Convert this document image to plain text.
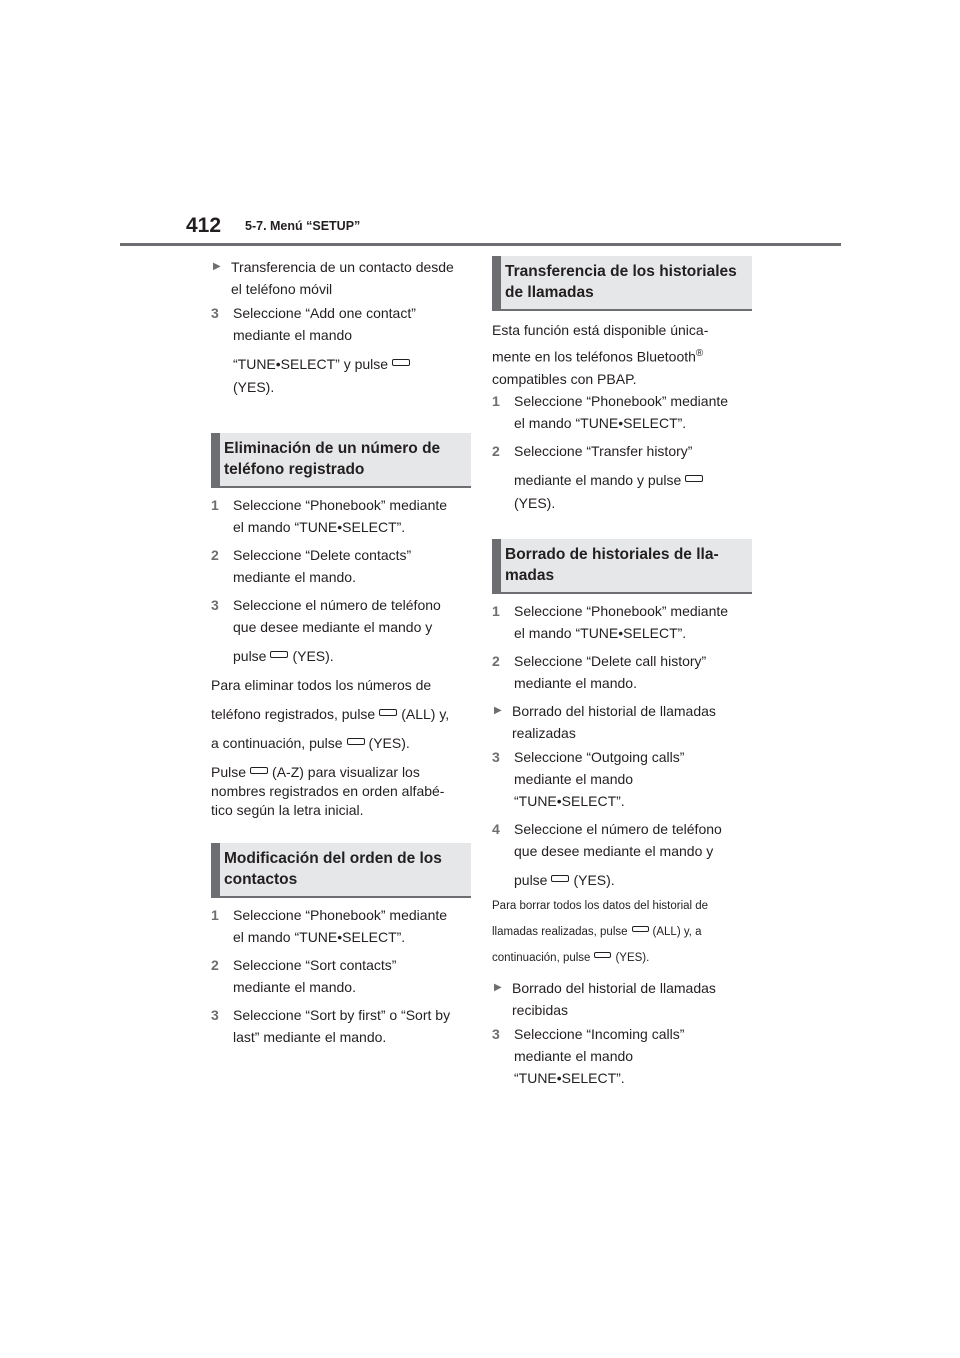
412 5-7. Menú “SETUP”
▶ Transferencia de un contacto desde
el teléfono móvil
3	Seleccione “Add one contact”
mediante el mando
“TUNE•SELECT” y pulse
(YES).
Eliminación de un número de
teléfono registrado
1	Seleccione “Phonebook” mediante
el mando “TUNE•SELECT”.
2	Seleccione “Delete contacts”
mediante el mando.
3	Seleccione el número de teléfono
que desee mediante el mando y
pulse (YES).

Para eliminar todos los números de

teléfono registrados, pulse (ALL) y,

a continuación, pulse (YES).

Pulse (A-Z) para visualizar los
nombres registrados en orden alfabé-
tico según la letra inicial.

Modificación del orden de los
contactos
1	Seleccione “Phonebook” mediante
el mando “TUNE•SELECT”.
2	Seleccione “Sort contacts”
mediante el mando.
3	Seleccione “Sort by first” o “Sort by
last” mediante el mando.
Transferencia de los historiales
de llamadas

Esta función está disponible única-

mente en los teléfonos Bluetooth®
compatibles con PBAP.

1	Seleccione “Phonebook” mediante
el mando “TUNE•SELECT”.
2	Seleccione “Transfer history”
mediante el mando y pulse
(YES).
Borrado de historiales de lla-
madas
1	Seleccione “Phonebook” mediante
el mando “TUNE•SELECT”.
2	Seleccione “Delete call history”
mediante el mando.
▶ Borrado del historial de llamadas
realizadas
3	Seleccione “Outgoing calls”
mediante el mando
“TUNE•SELECT”.
4	Seleccione el número de teléfono
que desee mediante el mando y
pulse (YES).
Para borrar todos los datos del historial de
llamadas realizadas, pulse (ALL) y, a
continuación, pulse (YES).
▶ Borrado del historial de llamadas
recibidas
3	Seleccione “Incoming calls”
mediante el mando
“TUNE•SELECT”.
